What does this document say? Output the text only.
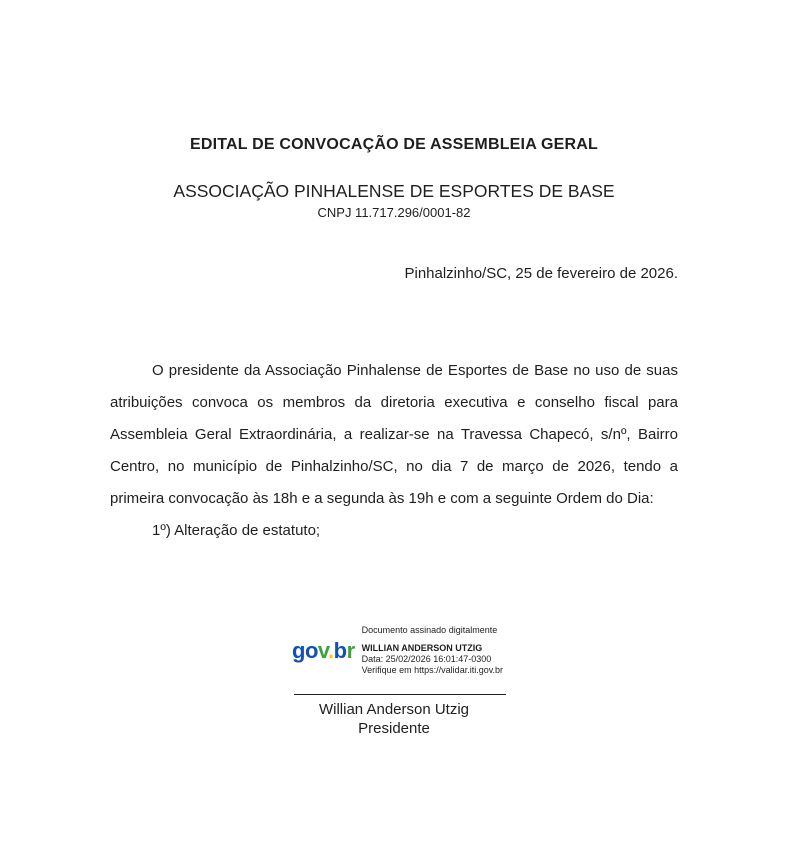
EDITAL DE CONVOCAÇÃO DE ASSEMBLEIA GERAL
ASSOCIAÇÃO PINHALENSE DE ESPORTES DE BASE
CNPJ 11.717.296/0001-82
Pinhalzinho/SC, 25 de fevereiro de 2026.

O presidente da Associação Pinhalense de Esportes de Base no uso de suas atribuições convoca os membros da diretoria executiva e conselho fiscal para Assembleia Geral Extraordinária, a realizar-se na Travessa Chapecó, s/nº, Bairro Centro, no município de Pinhalzinho/SC, no dia 7 de março de 2026, tendo a primeira convocação às 18h e a segunda às 19h e com a seguinte Ordem do Dia:

1º) Alteração de estatuto;

gov.br
Documento assinado digitalmente
WILLIAN ANDERSON UTZIG
Data: 25/02/2026 16:01:47-0300
Verifique em https://validar.iti.gov.br
Willian Anderson Utzig
Presidente
